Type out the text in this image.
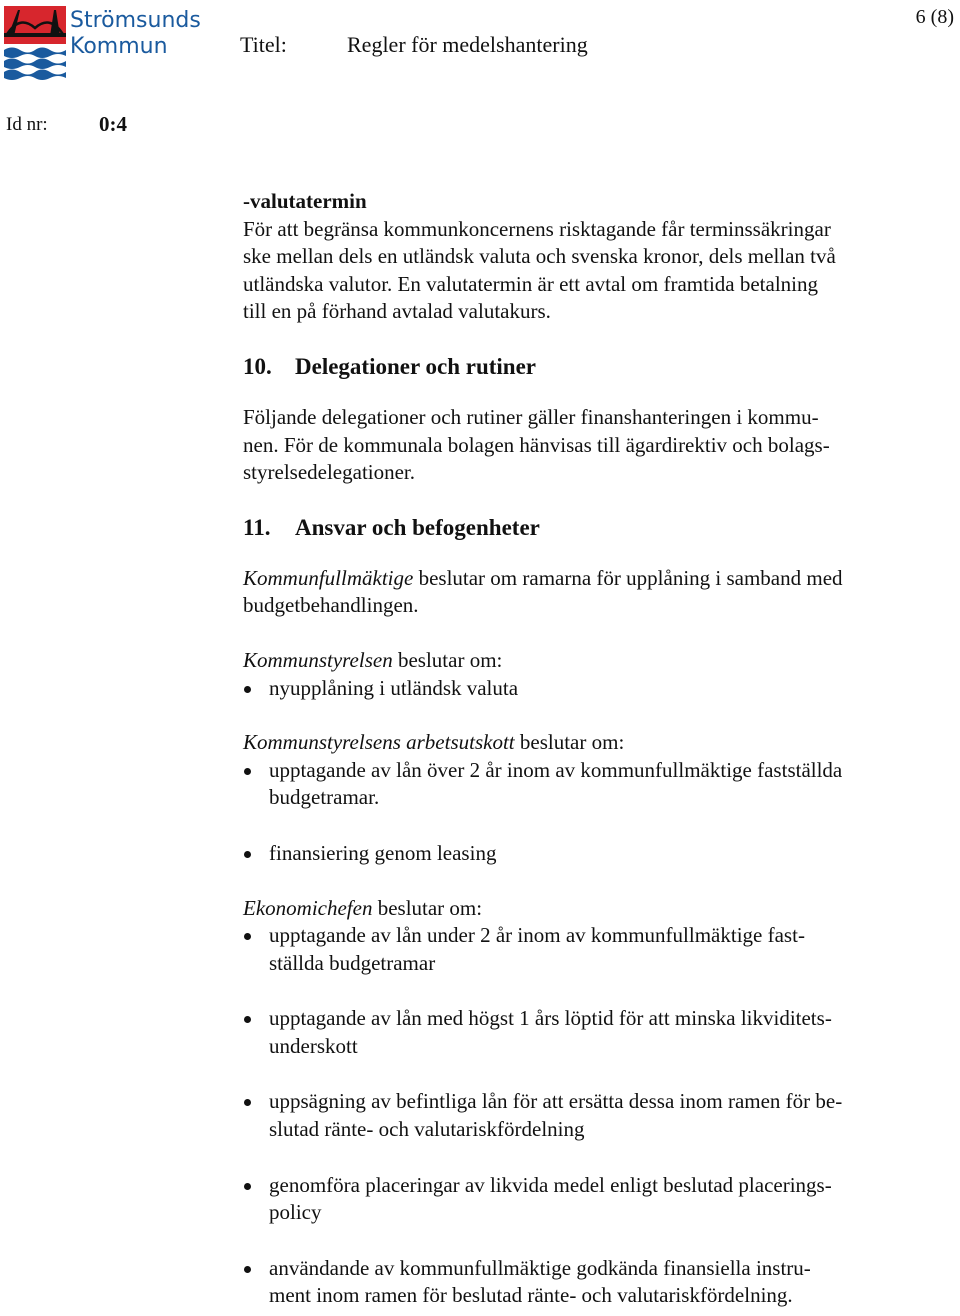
Strömsunds
Kommun	Titel:	Regler för medelshantering
6 (8)
Id nr: 0:4

-valutatermin

För att begränsa kommunkoncernens risktagande får terminssäkringar

ske mellan dels en utländsk valuta och svenska kronor, dels mellan två

utländska valutor. En valutatermin är ett avtal om framtida betalning

till en på förhand avtalad valutakurs.

10.	Delegationer och rutiner

Följande delegationer och rutiner gäller finanshanteringen i kommu-

nen. För de kommunala bolagen hänvisas till ägardirektiv och bolags-

styrelsedelegationer.

11.	Ansvar och befogenheter

Kommunfullmäktige beslutar om ramarna för upplåning i samband med

budgetbehandlingen.

Kommunstyrelsen beslutar om:

nyupplåning i utländsk valuta

Kommunstyrelsens arbetsutskott beslutar om:

upptagande av lån över 2 år inom av kommunfullmäktige fastställda
budgetramar.
finansiering genom leasing

Ekonomichefen beslutar om:

upptagande av lån under 2 år inom av kommunfullmäktige fast-
ställda budgetramar
upptagande av lån med högst 1 års löptid för att minska likviditets-
underskott
uppsägning av befintliga lån för att ersätta dessa inom ramen för be-
slutad ränte- och valutariskfördelning
genomföra placeringar av likvida medel enligt beslutad placerings-
policy
användande av kommunfullmäktige godkända finansiella instru-
ment inom ramen för beslutad ränte- och valutariskfördelning.
